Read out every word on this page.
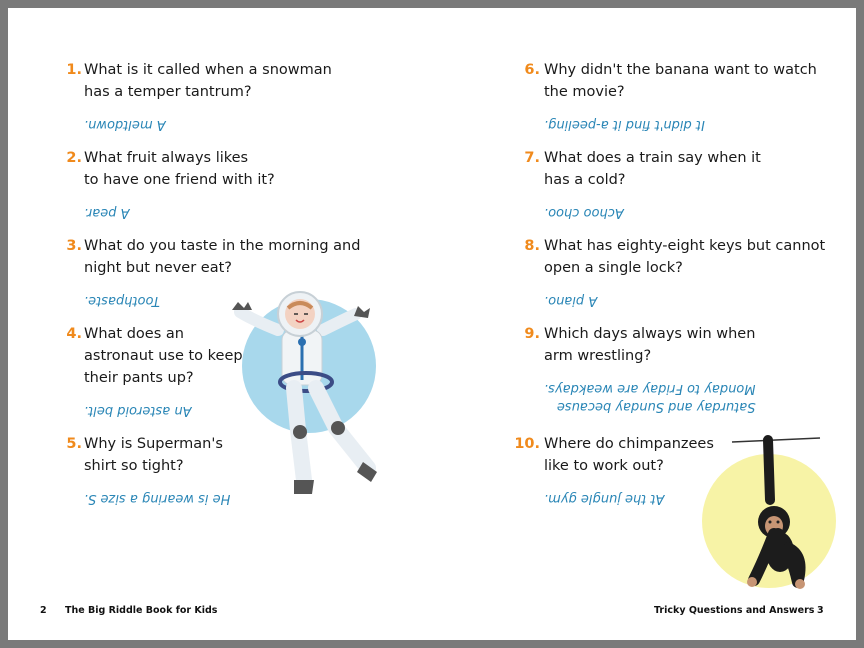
1. What is it called when a snowman
has a temper tantrum?
A meltdown.
2. What fruit always likes
to have one friend with it?
A pear.
3. What do you taste in the morning and
night but never eat?
Toothpaste.
4. What does an
astronaut use to keep
their pants up?
An asteroid belt.
5. Why is Superman's
shirt so tight?
He is wearing a size S.
6. Why didn't the banana want to watch
the movie?
It didn't find it a-peeling.
7. What does a train say when it
has a cold?
Achoo choo.
8. What has eighty-eight keys but cannot
open a single lock?
A piano.
9. Which days always win when
arm wrestling?
Saturday and Sunday because
Monday to Friday are weakdays.
10. Where do chimpanzees
like to work out?
At the jungle gym.
2 The Big Riddle Book for Kids	Tricky Questions and Answers 3
